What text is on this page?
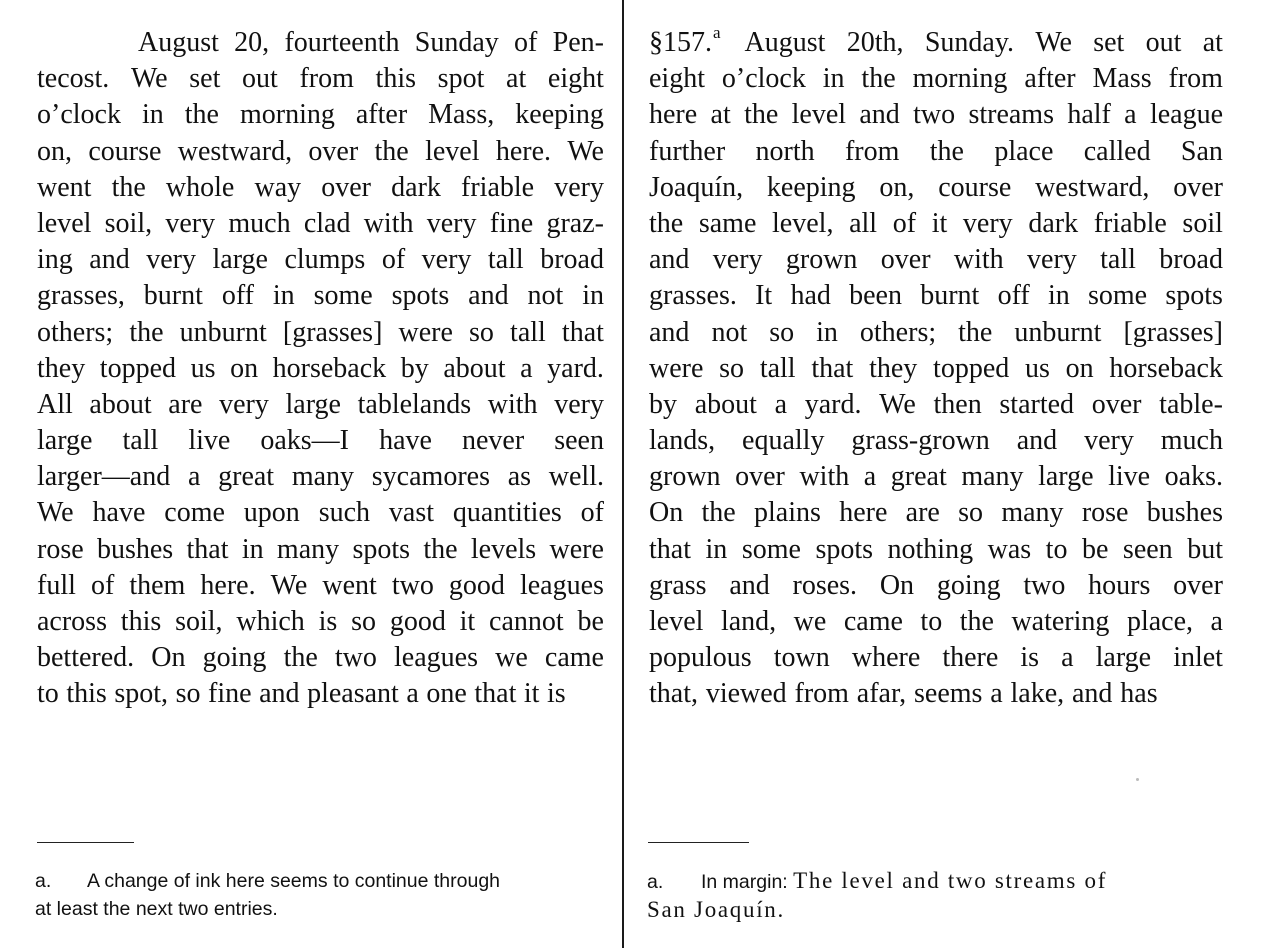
August 20, fourteenth Sunday of Pen-
tecost. We set out from this spot at eight
o’clock in the morning after Mass, keeping
on, course westward, over the level here. We
went the whole way over dark friable very
level soil, very much clad with very fine graz-
ing and very large clumps of very tall broad
grasses, burnt off in some spots and not in
others; the unburnt [grasses] were so tall that
they topped us on horseback by about a yard.
All about are very large tablelands with very
large tall live oaks—I have never seen
larger—and a great many sycamores as well.
We have come upon such vast quantities of
rose bushes that in many spots the levels were
full of them here. We went two good leagues
across this soil, which is so good it cannot be
bettered. On going the two leagues we came
to this spot, so fine and pleasant a one that it is
§157.$^a$ August 20th, Sunday. We set out at
eight o’clock in the morning after Mass from
here at the level and two streams half a league
further north from the place called San
Joaquín, keeping on, course westward, over
the same level, all of it very dark friable soil
and very grown over with very tall broad
grasses. It had been burnt off in some spots
and not so in others; the unburnt [grasses]
were so tall that they topped us on horseback
by about a yard. We then started over table-
lands, equally grass-grown and very much
grown over with a great many large live oaks.
On the plains here are so many rose bushes
that in some spots nothing was to be seen but
grass and roses. On going two hours over
level land, we came to the watering place, a
populous town where there is a large inlet
that, viewed from afar, seems a lake, and has
a. A change of ink here seems to continue through
at least the next two entries.
a. In margin: The level and two streams of
San Joaquín.
